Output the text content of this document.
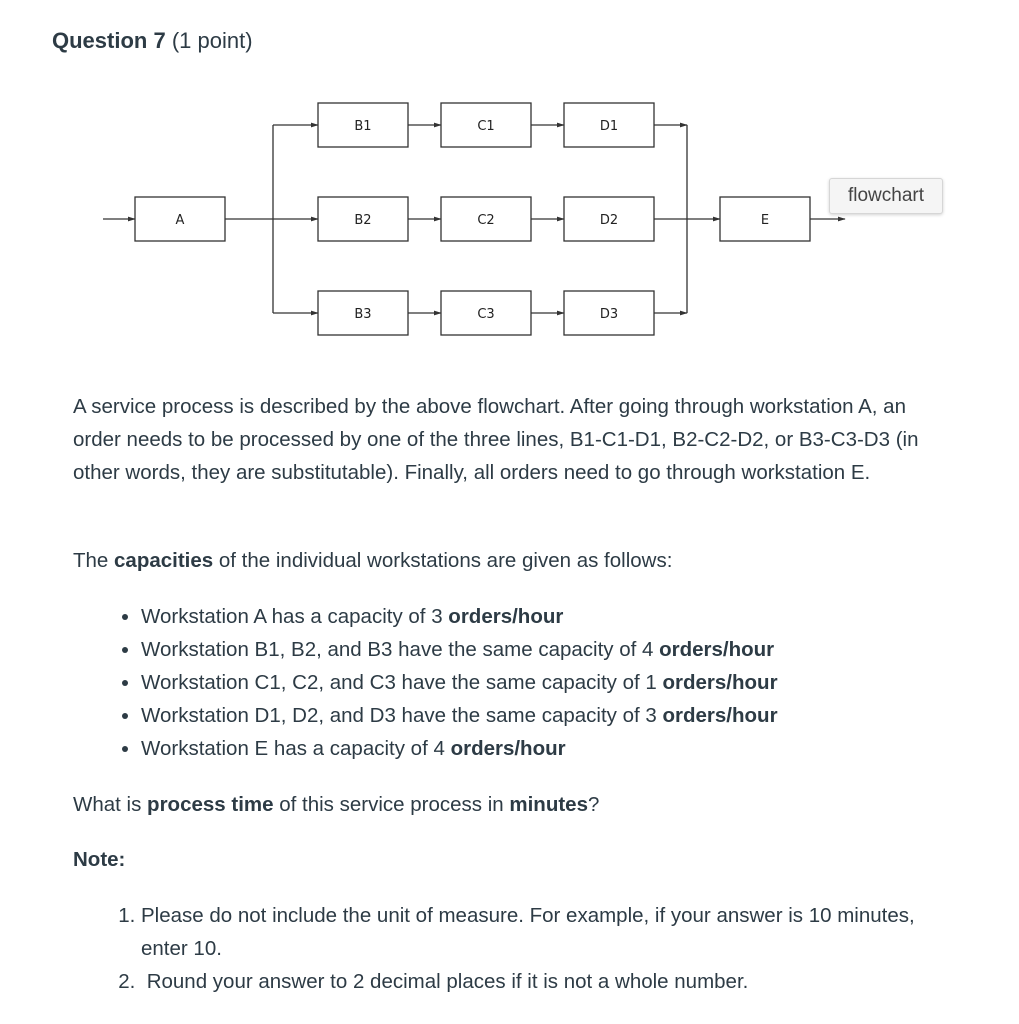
Question 7 (1 point)
A
B1
B2
B3
C1
C2
C3
D1
D2
D3
E
flowchart
A service process is described by the above flowchart. After going through workstation A, an order needs to be processed by one of the three lines, B1-C1-D1, B2-C2-D2, or B3-C3-D3 (in other words, they are substitutable). Finally, all orders need to go through workstation E.
The capacities of the individual workstations are given as follows:
• Workstation A has a capacity of 3 orders/hour
• Workstation B1, B2, and B3 have the same capacity of 4 orders/hour
• Workstation C1, C2, and C3 have the same capacity of 1 orders/hour
• Workstation D1, D2, and D3 have the same capacity of 3 orders/hour
• Workstation E has a capacity of 4 orders/hour
What is process time of this service process in minutes?
Note:
1. Please do not include the unit of measure. For example, if your answer is 10 minutes, enter 10.
2.  Round your answer to 2 decimal places if it is not a whole number.
